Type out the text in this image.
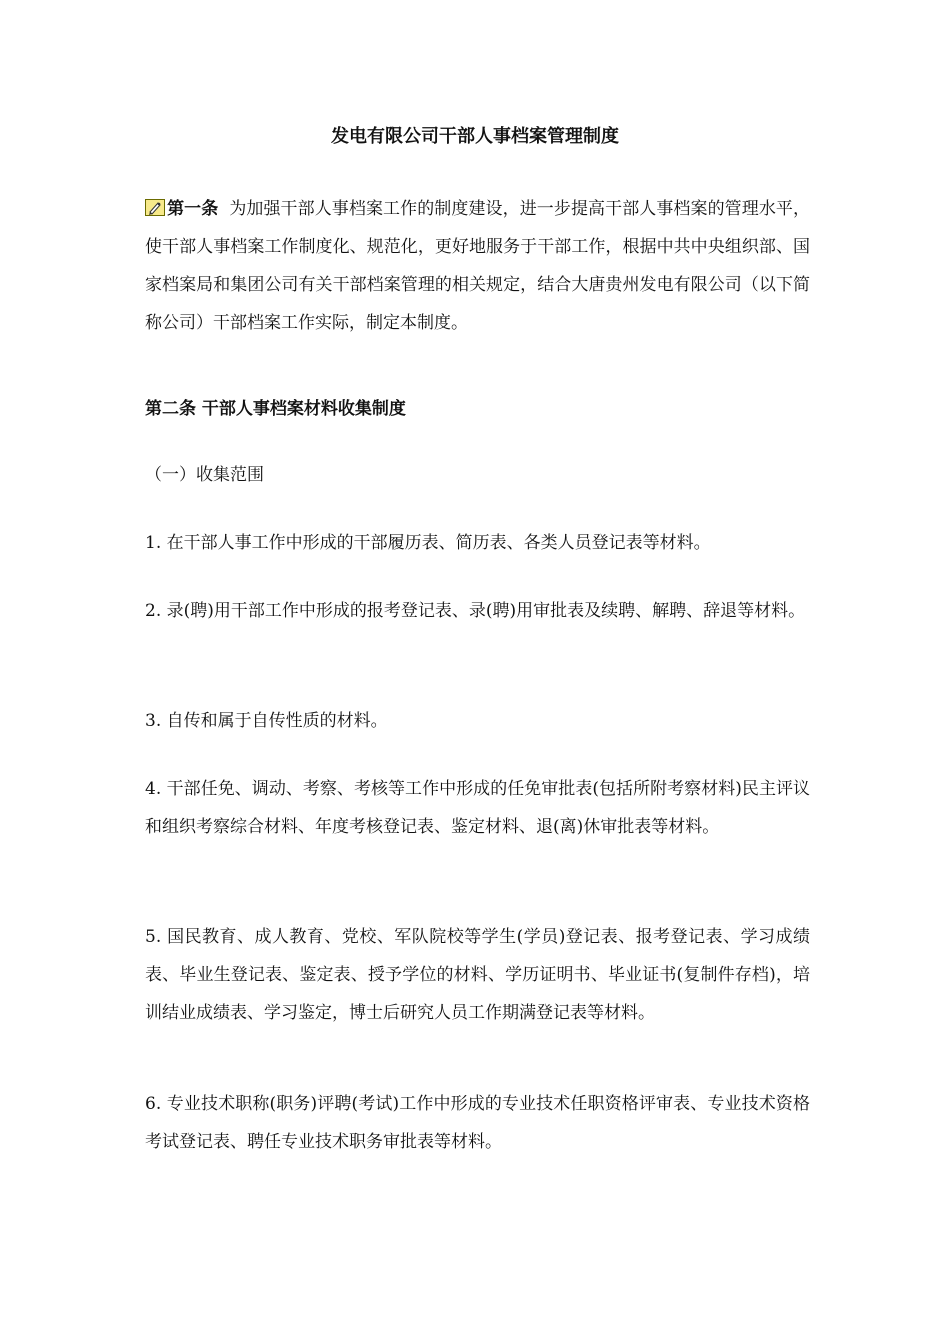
发电有限公司干部人事档案管理制度
第一条 为加强干部人事档案工作的制度建设，进一步提高干部人事档案的管理水平，使干部人事档案工作制度化、规范化，更好地服务于干部工作，根据中共中央组织部、国家档案局和集团公司有关干部档案管理的相关规定，结合大唐贵州发电有限公司（以下简称公司）干部档案工作实际，制定本制度。
第二条 干部人事档案材料收集制度
（一）收集范围
1. 在干部人事工作中形成的干部履历表、简历表、各类人员登记表等材料。
2. 录(聘)用干部工作中形成的报考登记表、录(聘)用审批表及续聘、解聘、辞退等材料。
3. 自传和属于自传性质的材料。
4. 干部任免、调动、考察、考核等工作中形成的任免审批表(包括所附考察材料)民主评议和组织考察综合材料、年度考核登记表、鉴定材料、退(离)休审批表等材料。
5. 国民教育、成人教育、党校、军队院校等学生(学员)登记表、报考登记表、学习成绩表、毕业生登记表、鉴定表、授予学位的材料、学历证明书、毕业证书(复制件存档)，培训结业成绩表、学习鉴定，博士后研究人员工作期满登记表等材料。
6. 专业技术职称(职务)评聘(考试)工作中形成的专业技术任职资格评审表、专业技术资格考试登记表、聘任专业技术职务审批表等材料。
